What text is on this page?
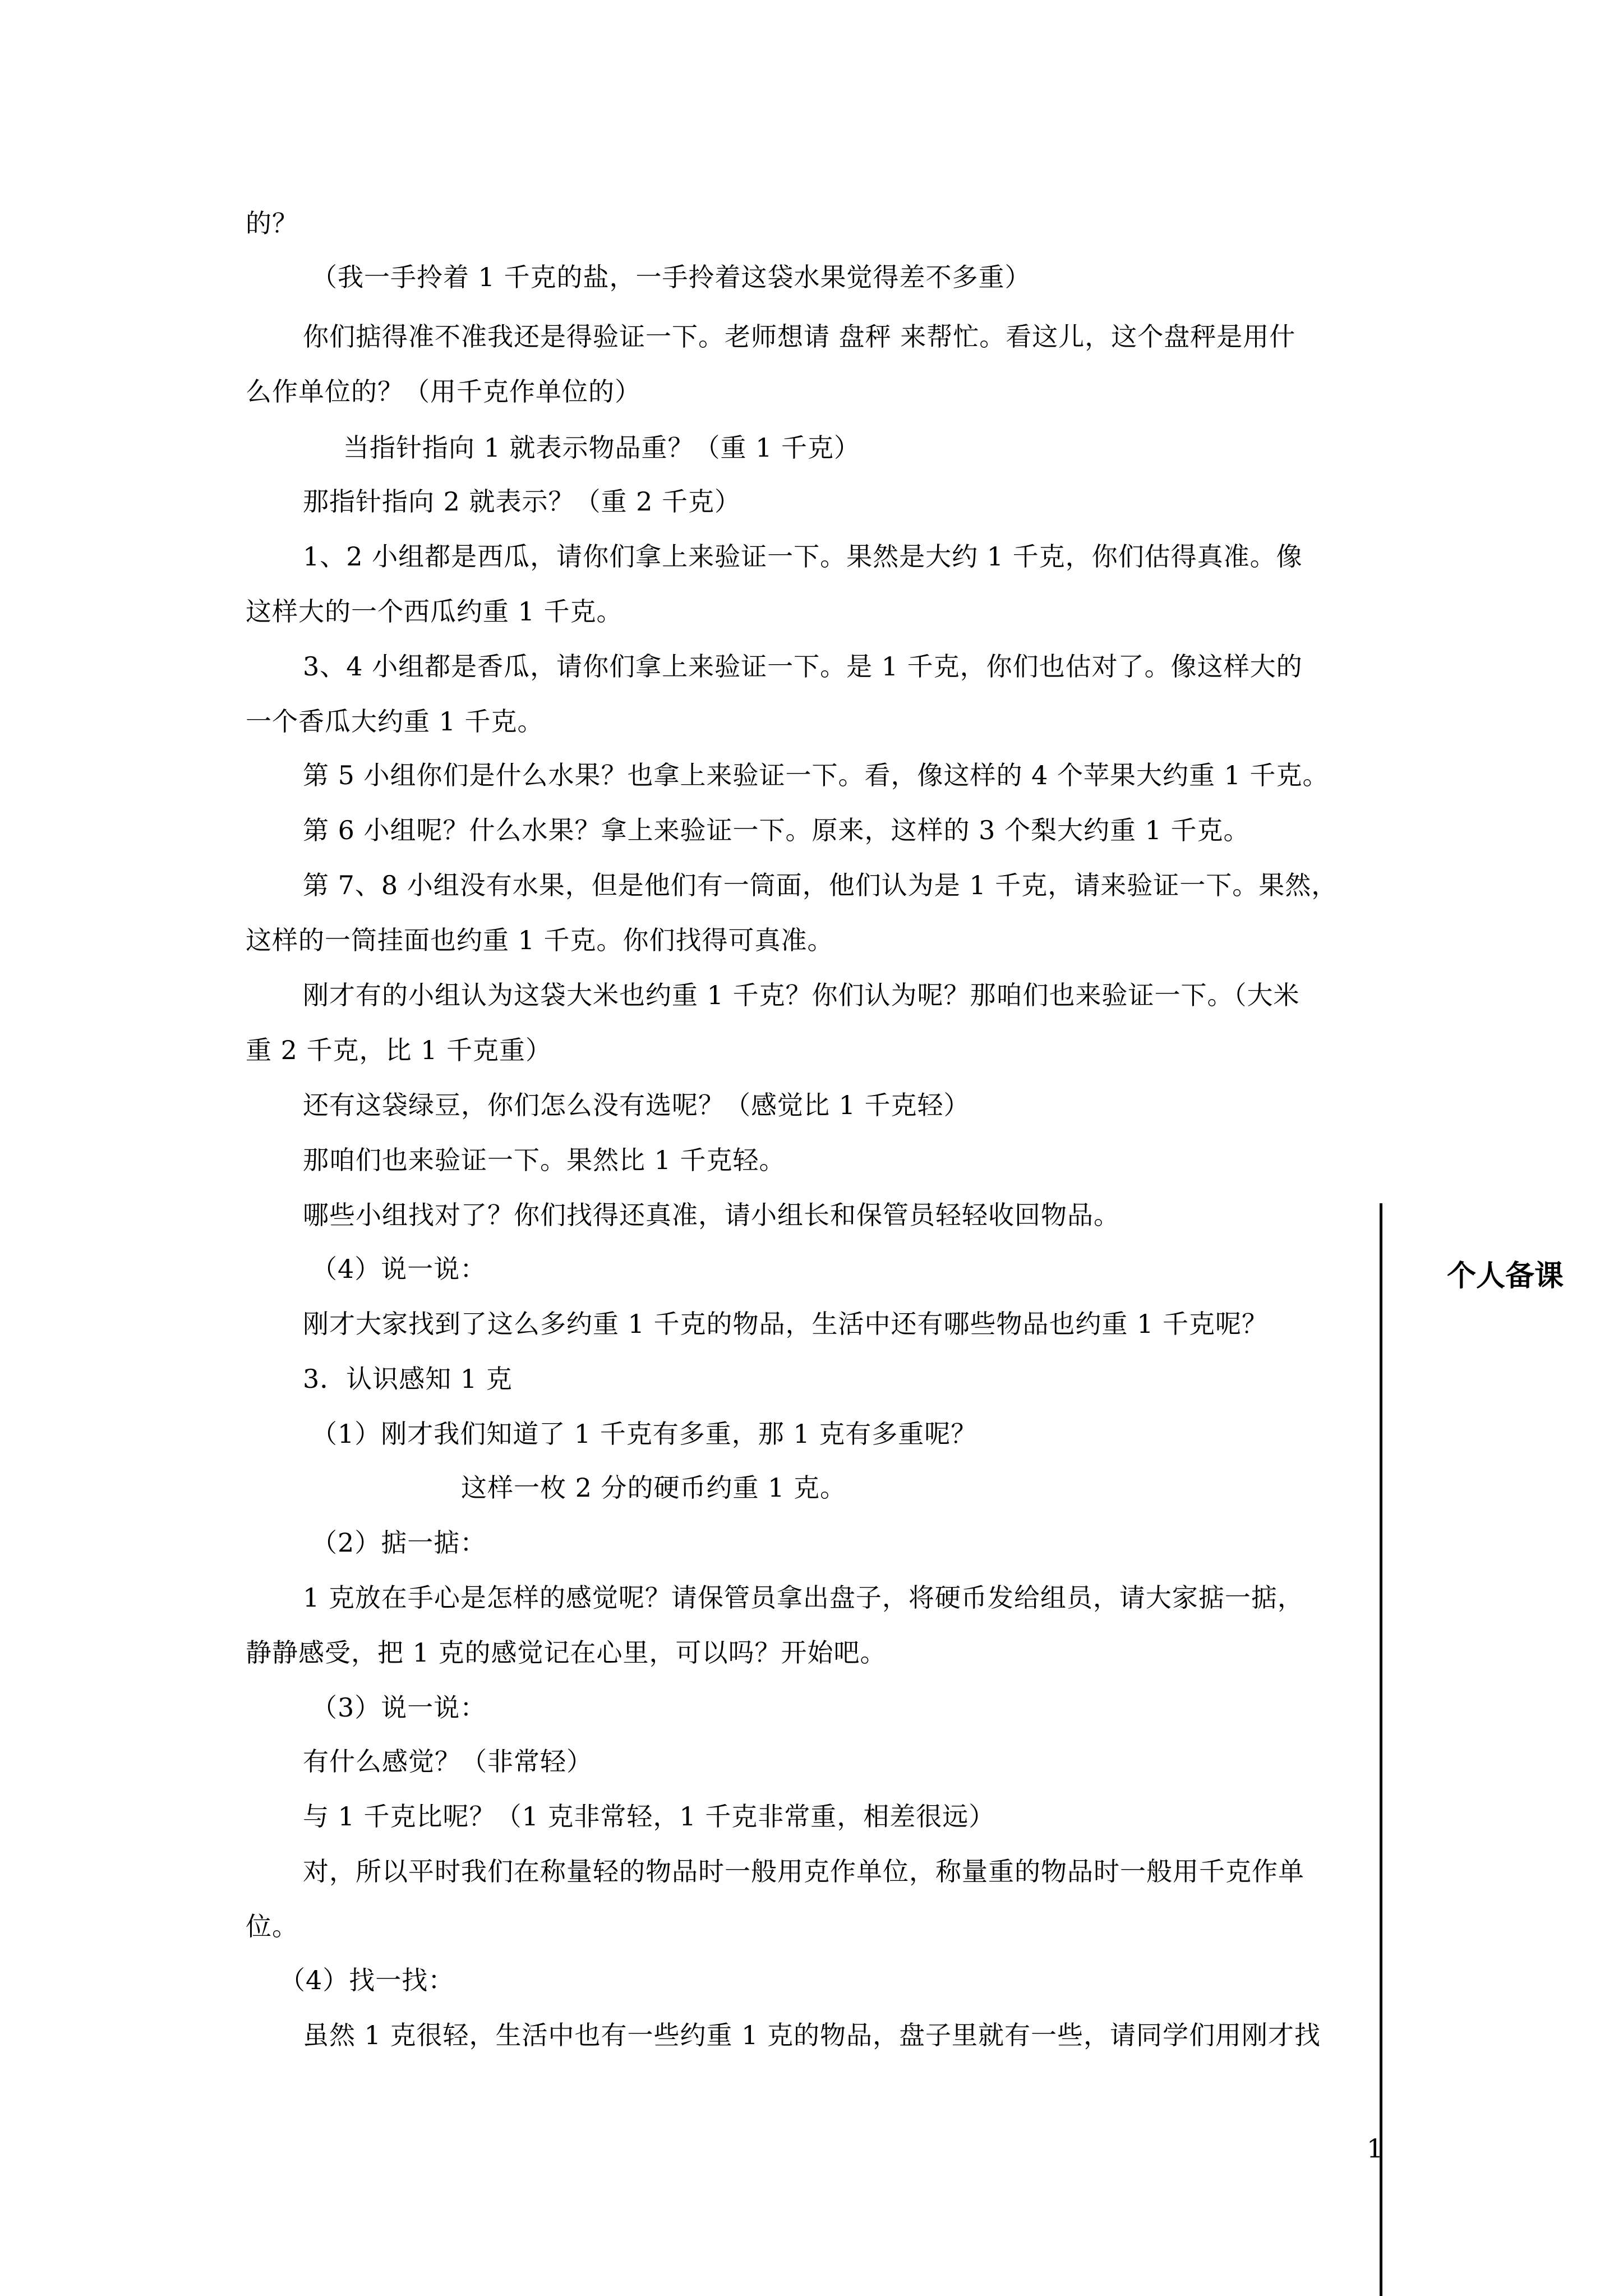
的？
（我一手拎着 1 千克的盐，一手拎着这袋水果觉得差不多重）
你们掂得准不准我还是得验证一下。老师想请 盘秤 来帮忙。看这儿，这个盘秤是用什
么作单位的？（用千克作单位的）
当指针指向 1 就表示物品重？（重 1 千克）
那指针指向 2 就表示？（重 2 千克）
1、2 小组都是西瓜，请你们拿上来验证一下。果然是大约 1 千克，你们估得真准。像
这样大的一个西瓜约重 1 千克。
3、4 小组都是香瓜，请你们拿上来验证一下。是 1 千克，你们也估对了。像这样大的
一个香瓜大约重 1 千克。
第 5 小组你们是什么水果？也拿上来验证一下。看，像这样的 4 个苹果大约重 1 千克。
第 6 小组呢？什么水果？拿上来验证一下。原来，这样的 3 个梨大约重 1 千克。
第 7、8 小组没有水果，但是他们有一筒面，他们认为是 1 千克，请来验证一下。果然，
这样的一筒挂面也约重 1 千克。你们找得可真准。
刚才有的小组认为这袋大米也约重 1 千克？你们认为呢？那咱们也来验证一下。（大米
重 2 千克，比 1 千克重）
还有这袋绿豆，你们怎么没有选呢？（感觉比 1 千克轻）
那咱们也来验证一下。果然比 1 千克轻。
哪些小组找对了？你们找得还真准，请小组长和保管员轻轻收回物品。
（4）说一说：
刚才大家找到了这么多约重 1 千克的物品，生活中还有哪些物品也约重 1 千克呢？
3．认识感知 1 克
（1）刚才我们知道了 1 千克有多重，那 1 克有多重呢？
这样一枚 2 分的硬币约重 1 克。
（2）掂一掂：
1 克放在手心是怎样的感觉呢？请保管员拿出盘子，将硬币发给组员，请大家掂一掂，
静静感受，把 1 克的感觉记在心里，可以吗？开始吧。
（3）说一说：
有什么感觉？（非常轻）
与 1 千克比呢？（1 克非常轻，1 千克非常重，相差很远）
对，所以平时我们在称量轻的物品时一般用克作单位，称量重的物品时一般用千克作单
位。
（4）找一找：
虽然 1 克很轻，生活中也有一些约重 1 克的物品，盘子里就有一些，请同学们用刚才找
个人备课
1
